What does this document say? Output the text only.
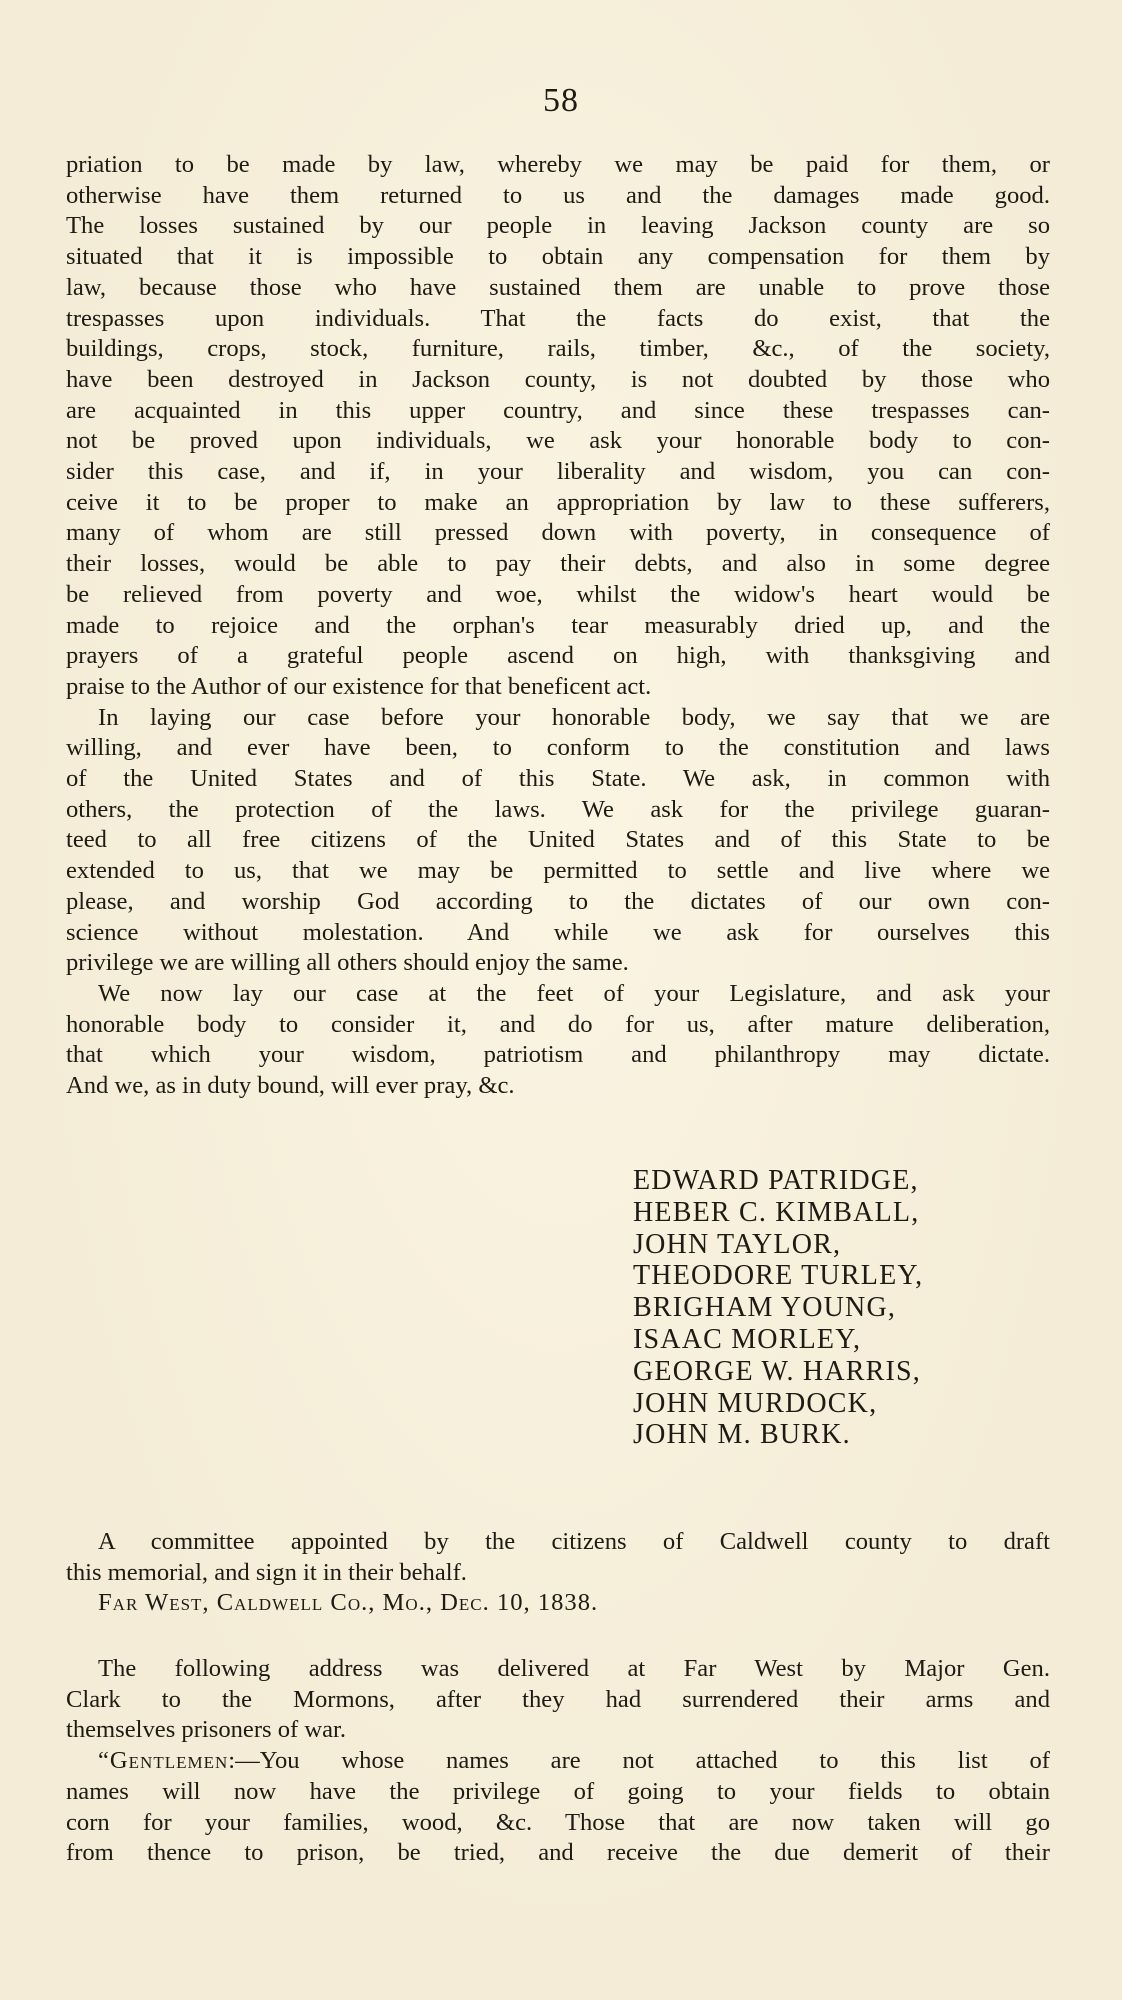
58
priation to be made by law, whereby we may be paid for them, or
otherwise have them returned to us and the damages made good.
The losses sustained by our people in leaving Jackson county are so
situated that it is impossible to obtain any compensation for them by
law, because those who have sustained them are unable to prove those
trespasses upon individuals. That the facts do exist, that the
buildings, crops, stock, furniture, rails, timber, &c., of the society,
have been destroyed in Jackson county, is not doubted by those who
are acquainted in this upper country, and since these trespasses can-
not be proved upon individuals, we ask your honorable body to con-
sider this case, and if, in your liberality and wisdom, you can con-
ceive it to be proper to make an appropriation by law to these sufferers,
many of whom are still pressed down with poverty, in consequence of
their losses, would be able to pay their debts, and also in some degree
be relieved from poverty and woe, whilst the widow's heart would be
made to rejoice and the orphan's tear measurably dried up, and the
prayers of a grateful people ascend on high, with thanksgiving and
praise to the Author of our existence for that beneficent act.
In laying our case before your honorable body, we say that we are
willing, and ever have been, to conform to the constitution and laws
of the United States and of this State. We ask, in common with
others, the protection of the laws. We ask for the privilege guaran-
teed to all free citizens of the United States and of this State to be
extended to us, that we may be permitted to settle and live where we
please, and worship God according to the dictates of our own con-
science without molestation. And while we ask for ourselves this
privilege we are willing all others should enjoy the same.
We now lay our case at the feet of your Legislature, and ask your
honorable body to consider it, and do for us, after mature deliberation,
that which your wisdom, patriotism and philanthropy may dictate.
And we, as in duty bound, will ever pray, &c.
EDWARD PATRIDGE,
HEBER C. KIMBALL,
JOHN TAYLOR,
THEODORE TURLEY,
BRIGHAM YOUNG,
ISAAC MORLEY,
GEORGE W. HARRIS,
JOHN MURDOCK,
JOHN M. BURK.
A committee appointed by the citizens of Caldwell county to draft
this memorial, and sign it in their behalf.
Far West, Caldwell Co., Mo., Dec. 10, 1838.
The following address was delivered at Far West by Major Gen.
Clark to the Mormons, after they had surrendered their arms and
themselves prisoners of war.
“Gentlemen:—You whose names are not attached to this list of
names will now have the privilege of going to your fields to obtain
corn for your families, wood, &c. Those that are now taken will go
from thence to prison, be tried, and receive the due demerit of their
